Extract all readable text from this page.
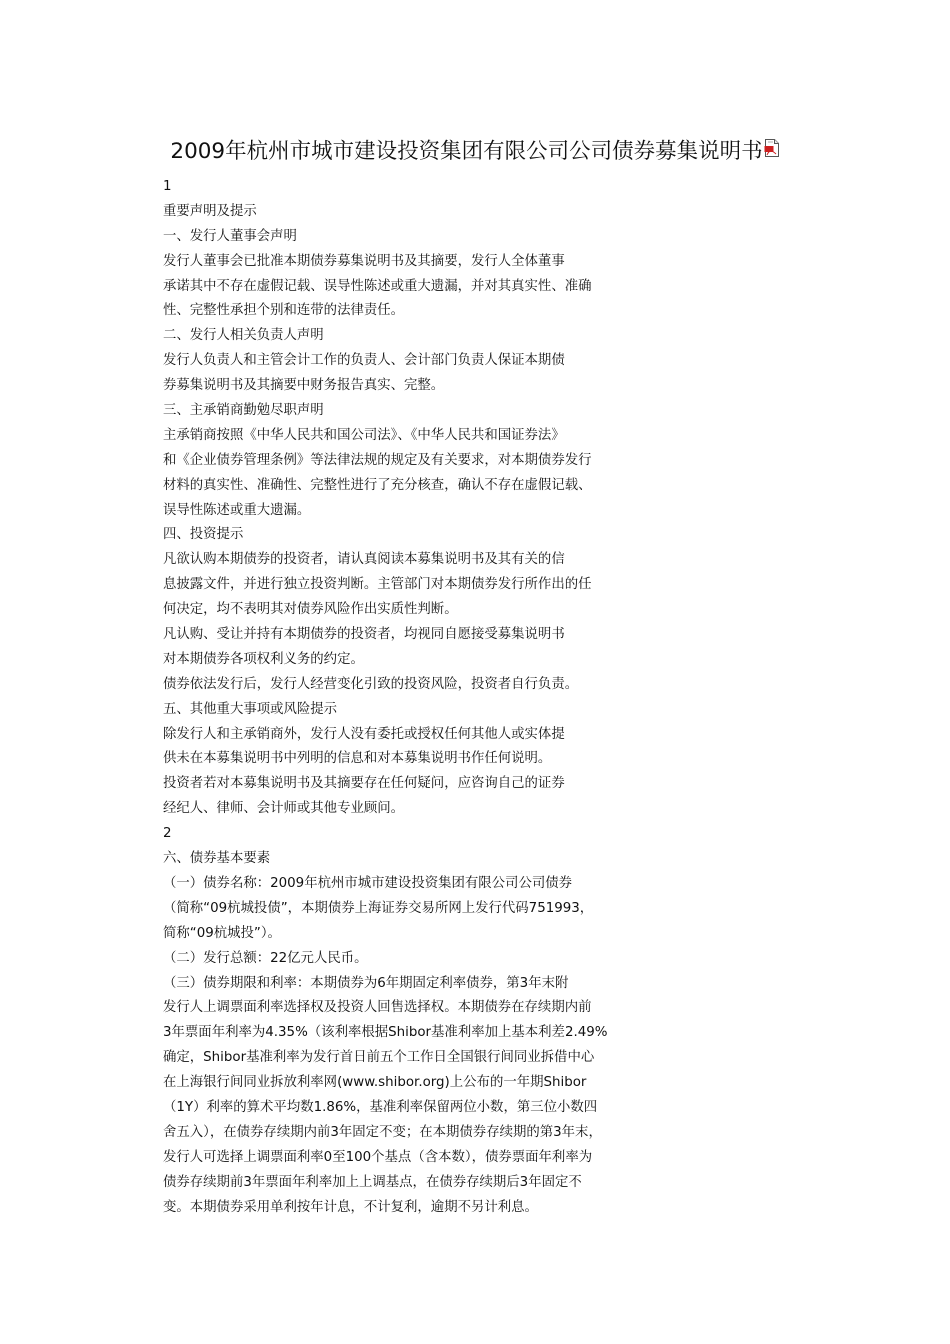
2009年杭州市城市建设投资集团有限公司公司债券募集说明书
1
重要声明及提示
一、发行人董事会声明
发行人董事会已批准本期债券募集说明书及其摘要，发行人全体董事
承诺其中不存在虚假记载、误导性陈述或重大遗漏，并对其真实性、准确
性、完整性承担个别和连带的法律责任。
二、发行人相关负责人声明
发行人负责人和主管会计工作的负责人、会计部门负责人保证本期债
券募集说明书及其摘要中财务报告真实、完整。
三、主承销商勤勉尽职声明
主承销商按照《中华人民共和国公司法》、《中华人民共和国证券法》
和《企业债券管理条例》等法律法规的规定及有关要求，对本期债券发行
材料的真实性、准确性、完整性进行了充分核查，确认不存在虚假记载、
误导性陈述或重大遗漏。
四、投资提示
凡欲认购本期债券的投资者，请认真阅读本募集说明书及其有关的信
息披露文件，并进行独立投资判断。主管部门对本期债券发行所作出的任
何决定，均不表明其对债券风险作出实质性判断。
凡认购、受让并持有本期债券的投资者，均视同自愿接受募集说明书
对本期债券各项权利义务的约定。
债券依法发行后，发行人经营变化引致的投资风险，投资者自行负责。
五、其他重大事项或风险提示
除发行人和主承销商外，发行人没有委托或授权任何其他人或实体提
供未在本募集说明书中列明的信息和对本募集说明书作任何说明。
投资者若对本募集说明书及其摘要存在任何疑问，应咨询自己的证券
经纪人、律师、会计师或其他专业顾问。
2
六、债券基本要素
（一）债券名称：2009年杭州市城市建设投资集团有限公司公司债券
（简称“09杭城投债”，本期债券上海证券交易所网上发行代码751993，
简称“09杭城投”）。
（二）发行总额：22亿元人民币。
（三）债券期限和利率：本期债券为6年期固定利率债券，第3年末附
发行人上调票面利率选择权及投资人回售选择权。本期债券在存续期内前
3年票面年利率为4.35%（该利率根据Shibor基准利率加上基本利差2.49%
确定，Shibor基准利率为发行首日前五个工作日全国银行间同业拆借中心
在上海银行间同业拆放利率网(www.shibor.org)上公布的一年期Shibor
（1Y）利率的算术平均数1.86%，基准利率保留两位小数，第三位小数四
舍五入），在债券存续期内前3年固定不变；在本期债券存续期的第3年末，
发行人可选择上调票面利率0至100个基点（含本数），债券票面年利率为
债券存续期前3年票面年利率加上上调基点，在债券存续期后3年固定不
变。本期债券采用单利按年计息，不计复利，逾期不另计利息。
